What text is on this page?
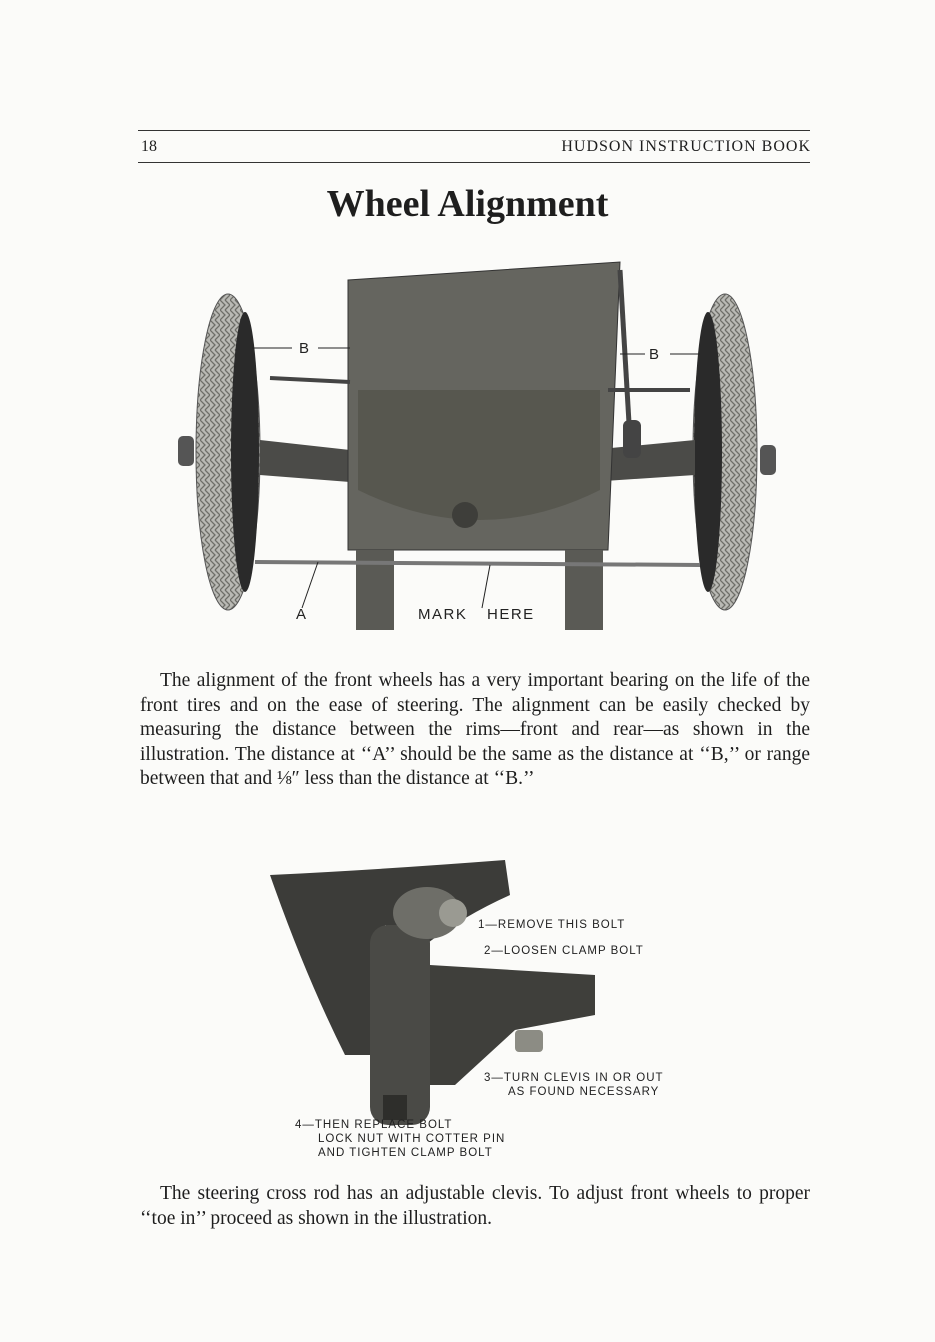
18	HUDSON INSTRUCTION BOOK
Wheel Alignment
B	B
A	MARK HERE
The alignment of the front wheels has a very important bearing on the life of the front tires and on the ease of steering. The alignment can be easily checked by measuring the distance between the rims—front and rear—as shown in the illustration. The distance at ‘‘A’’ should be the same as the distance at ‘‘B,’’ or range between that and ⅛″ less than the distance at ‘‘B.’’
1—REMOVE THIS BOLT
2—LOOSEN CLAMP BOLT
3—TURN CLEVIS IN OR OUT
AS FOUND NECESSARY
4—THEN REPLACE BOLT
LOCK NUT WITH COTTER PIN
AND TIGHTEN CLAMP BOLT
The steering cross rod has an adjustable clevis. To adjust front wheels to proper ‘‘toe in’’ proceed as shown in the illustration.
